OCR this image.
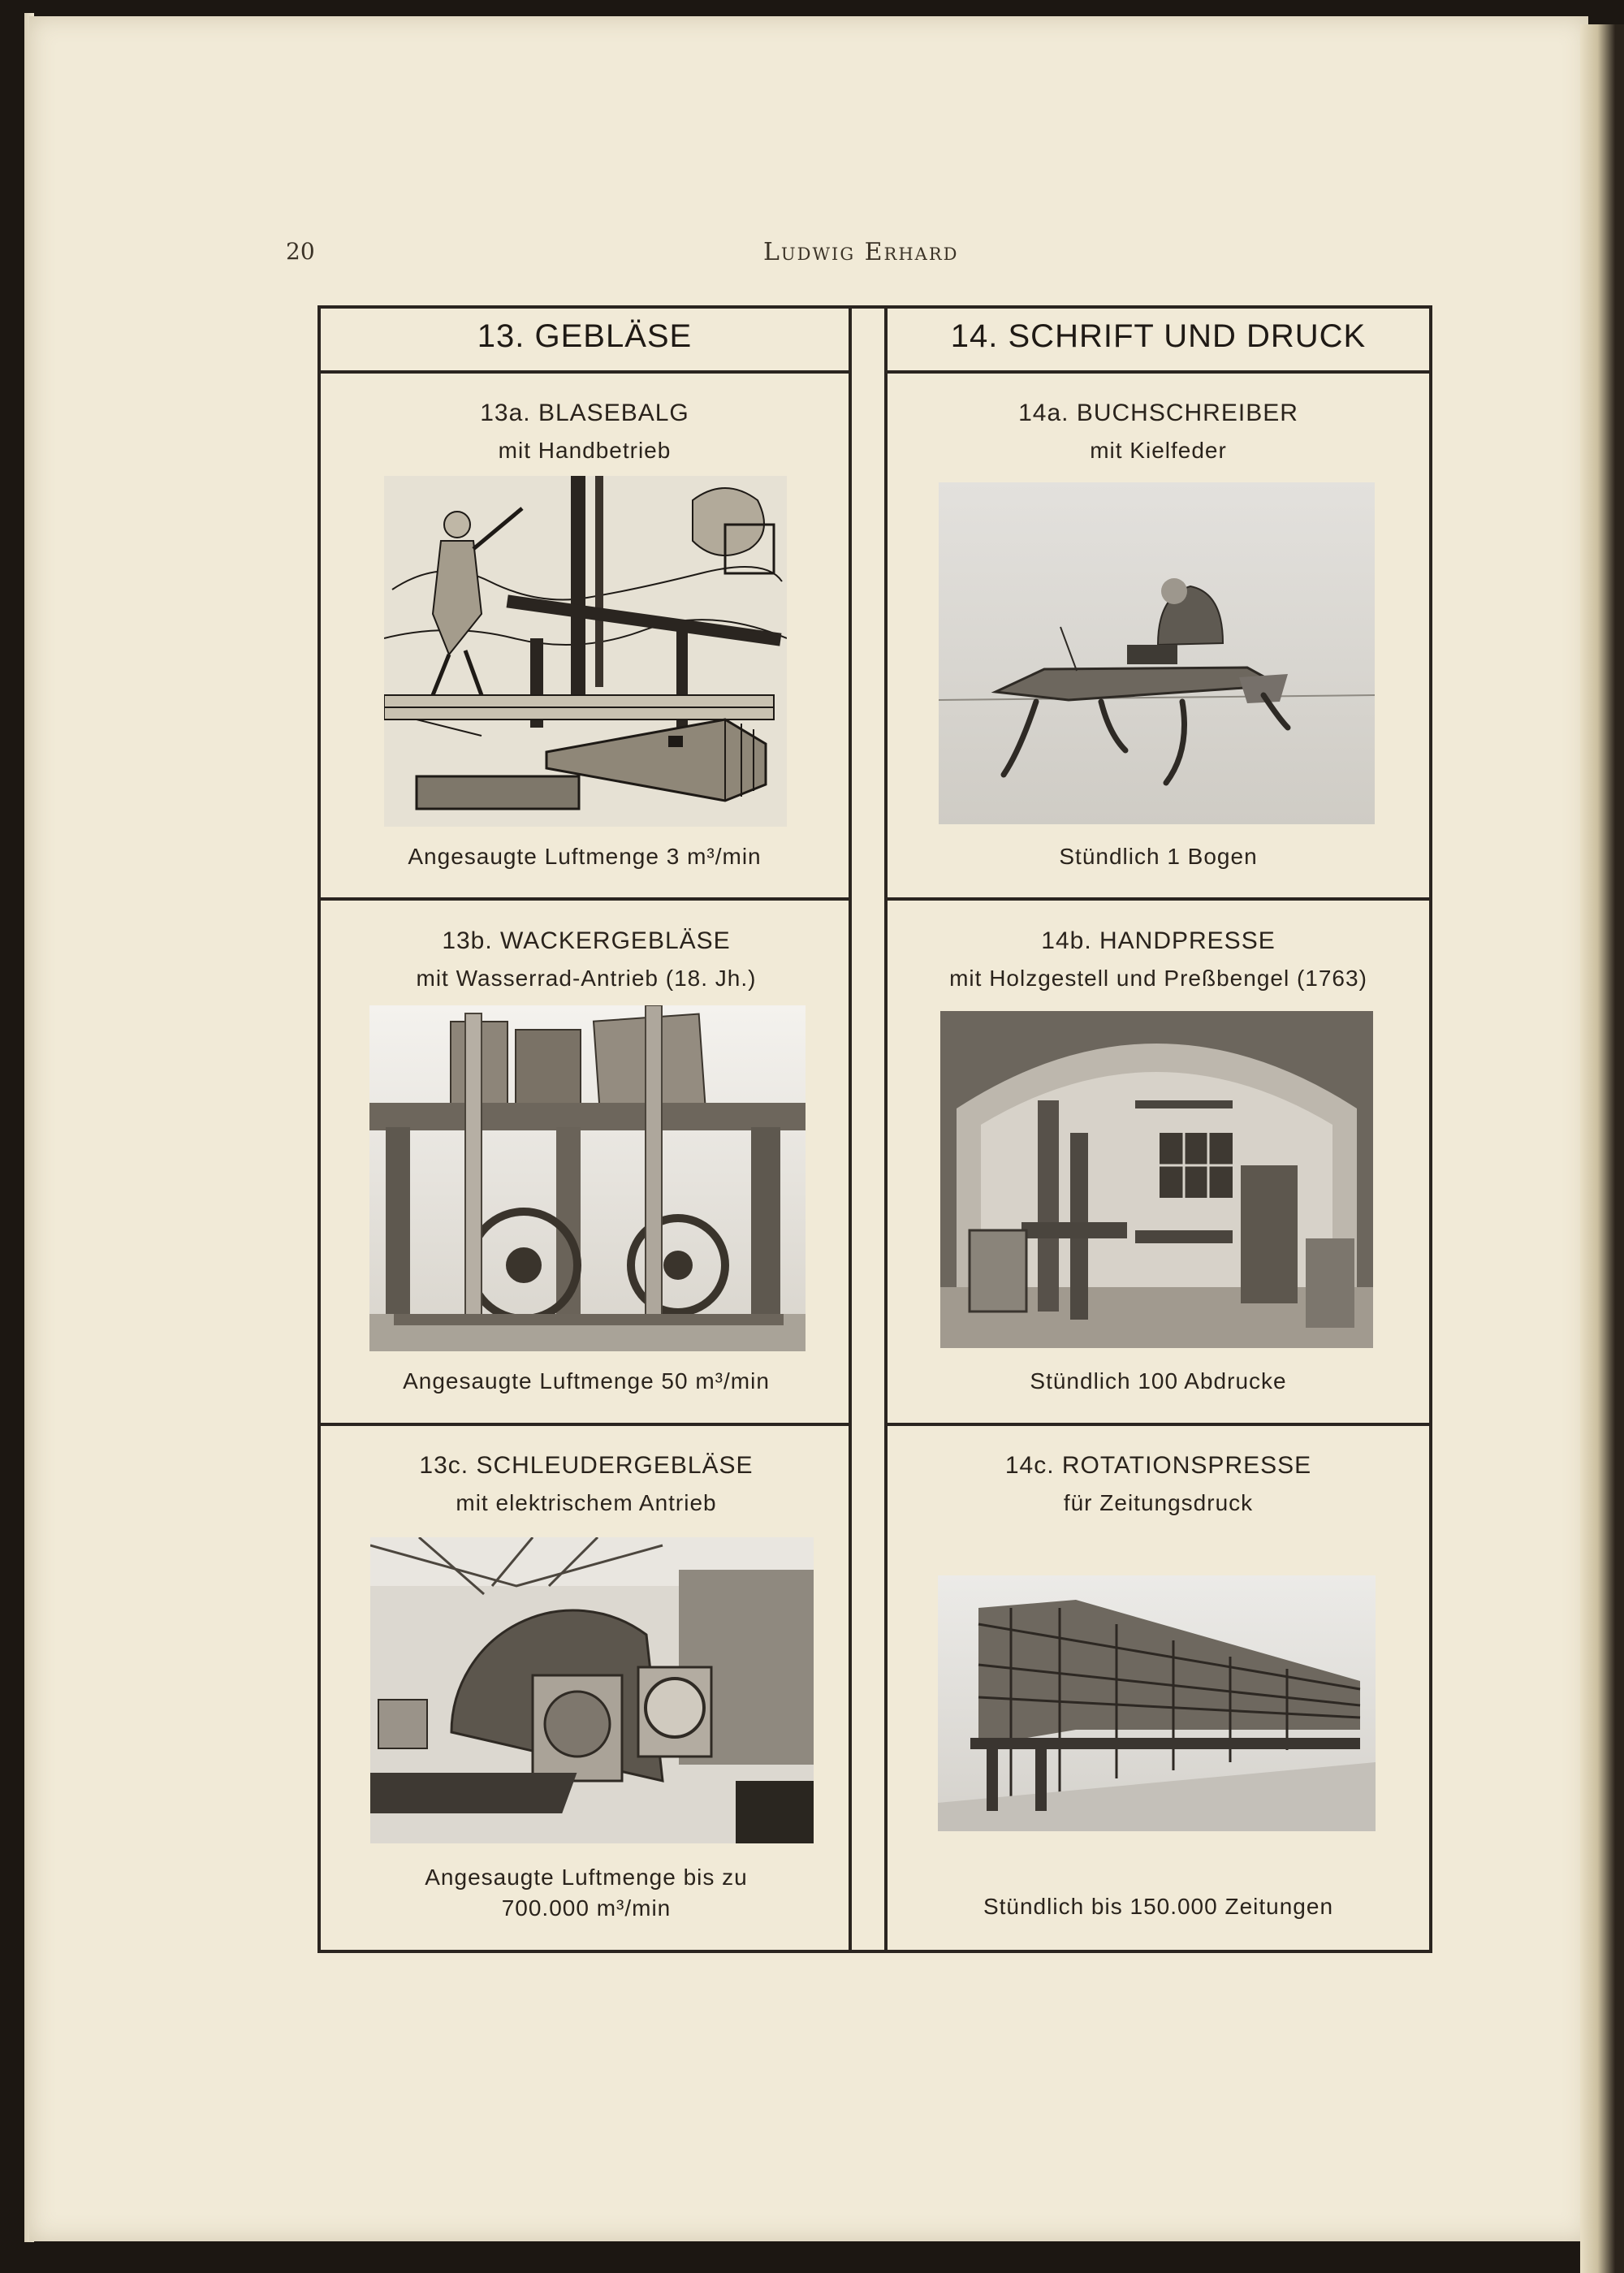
20	Ludwig Erhard
13. GEBLÄSE	14. SCHRIFT UND DRUCK
13a. BLASEBALG
mit Handbetrieb
Angesaugte Luftmenge 3 m³/min
13b. WACKERGEBLÄSE
mit Wasserrad-Antrieb (18. Jh.)
Angesaugte Luftmenge 50 m³/min
13c. SCHLEUDERGEBLÄSE
mit elektrischem Antrieb
Angesaugte Luftmenge bis zu
700.000 m³/min
14a. BUCHSCHREIBER
mit Kielfeder
Stündlich 1 Bogen
14b. HANDPRESSE
mit Holzgestell und Preßbengel (1763)
Stündlich 100 Abdrucke
14c. ROTATIONSPRESSE
für Zeitungsdruck
Stündlich bis 150.000 Zeitungen
